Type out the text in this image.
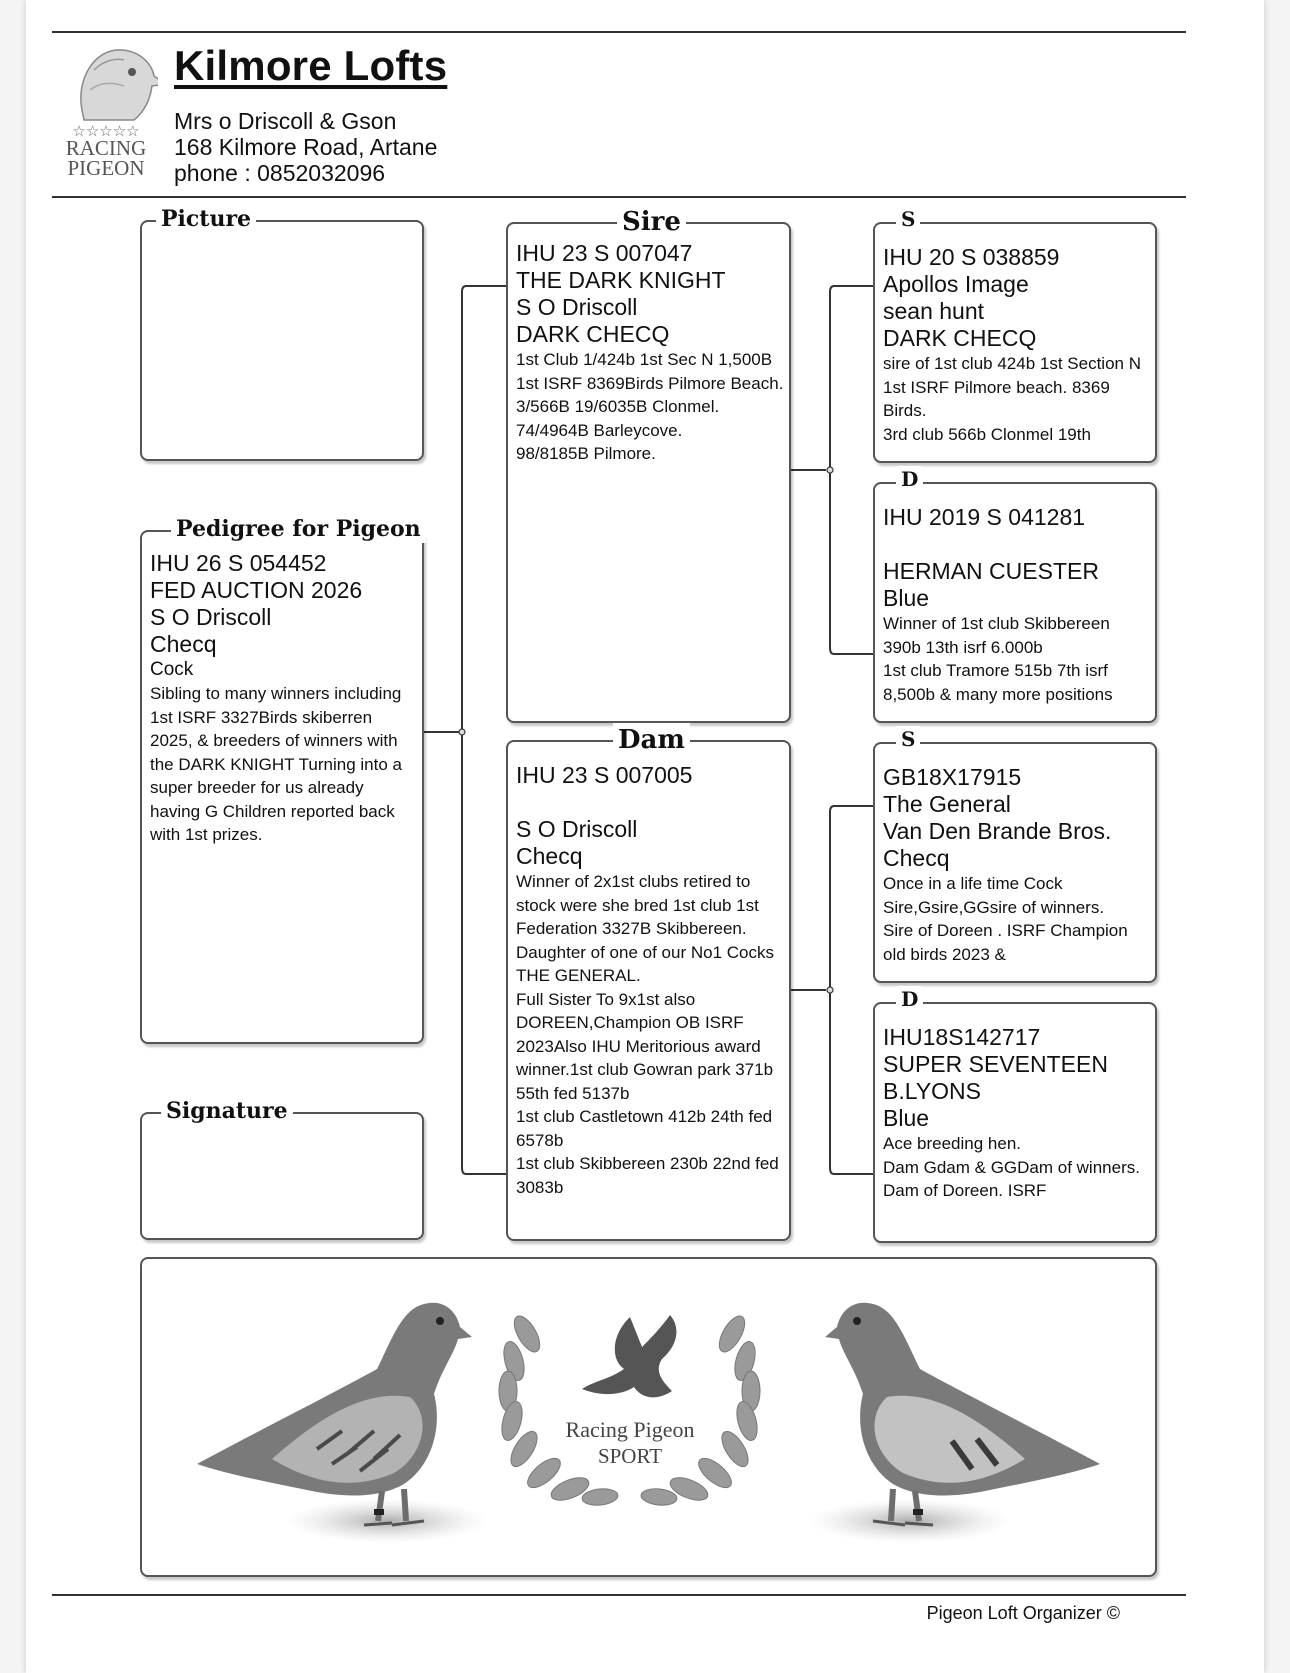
☆☆☆☆☆
RACING
PIGEON
Kilmore Lofts
Mrs o Driscoll & Gson
168 Kilmore Road, Artane
phone : 0852032096
Picture
IHU 26 S 054452
FED AUCTION 2026
S O Driscoll
Checq
Cock
Sibling to many winners including 1st ISRF 3327Birds skiberren 2025, & breeders of winners with the DARK KNIGHT Turning into a super breeder for us already having G Children reported back with 1st prizes.
Pedigree for Pigeon
Signature
IHU 23 S 007047
THE DARK KNIGHT
S O Driscoll
DARK CHECQ
1st Club 1/424b 1st Sec N 1,500B 1st ISRF 8369Birds Pilmore Beach.
3/566B 19/6035B Clonmel.
74/4964B Barleycove.
98/8185B Pilmore.
Sire
IHU 23 S 007005
S O Driscoll
Checq
Winner of 2x1st clubs retired to stock were she bred 1st club 1st Federation 3327B Skibbereen.
Daughter of one of our No1 Cocks THE GENERAL.
Full Sister To 9x1st also DOREEN,Champion OB ISRF 2023Also IHU Meritorious award winner.1st club Gowran park 371b 55th fed 5137b
1st club Castletown 412b 24th fed 6578b
1st club Skibbereen 230b 22nd fed 3083b
Dam
IHU 20 S 038859
Apollos Image
sean hunt
DARK CHECQ
sire of 1st club 424b 1st Section N 1st ISRF Pilmore beach. 8369 Birds.
3rd club 566b Clonmel 19th
S
IHU 2019 S 041281
HERMAN CUESTER
Blue
Winner of 1st club Skibbereen 390b 13th isrf 6.000b
1st club Tramore 515b 7th isrf 8,500b & many more positions
D
GB18X17915
The General
Van Den Brande Bros.
Checq
Once in a life time Cock
Sire,Gsire,GGsire of winners.
Sire of Doreen . ISRF Champion old birds 2023 &
S
IHU18S142717
SUPER SEVENTEEN
B.LYONS
Blue
Ace breeding hen.
Dam Gdam & GGDam of winners.
Dam of Doreen. ISRF
D
Racing Pigeon
SPORT
Pigeon Loft Organizer ©
